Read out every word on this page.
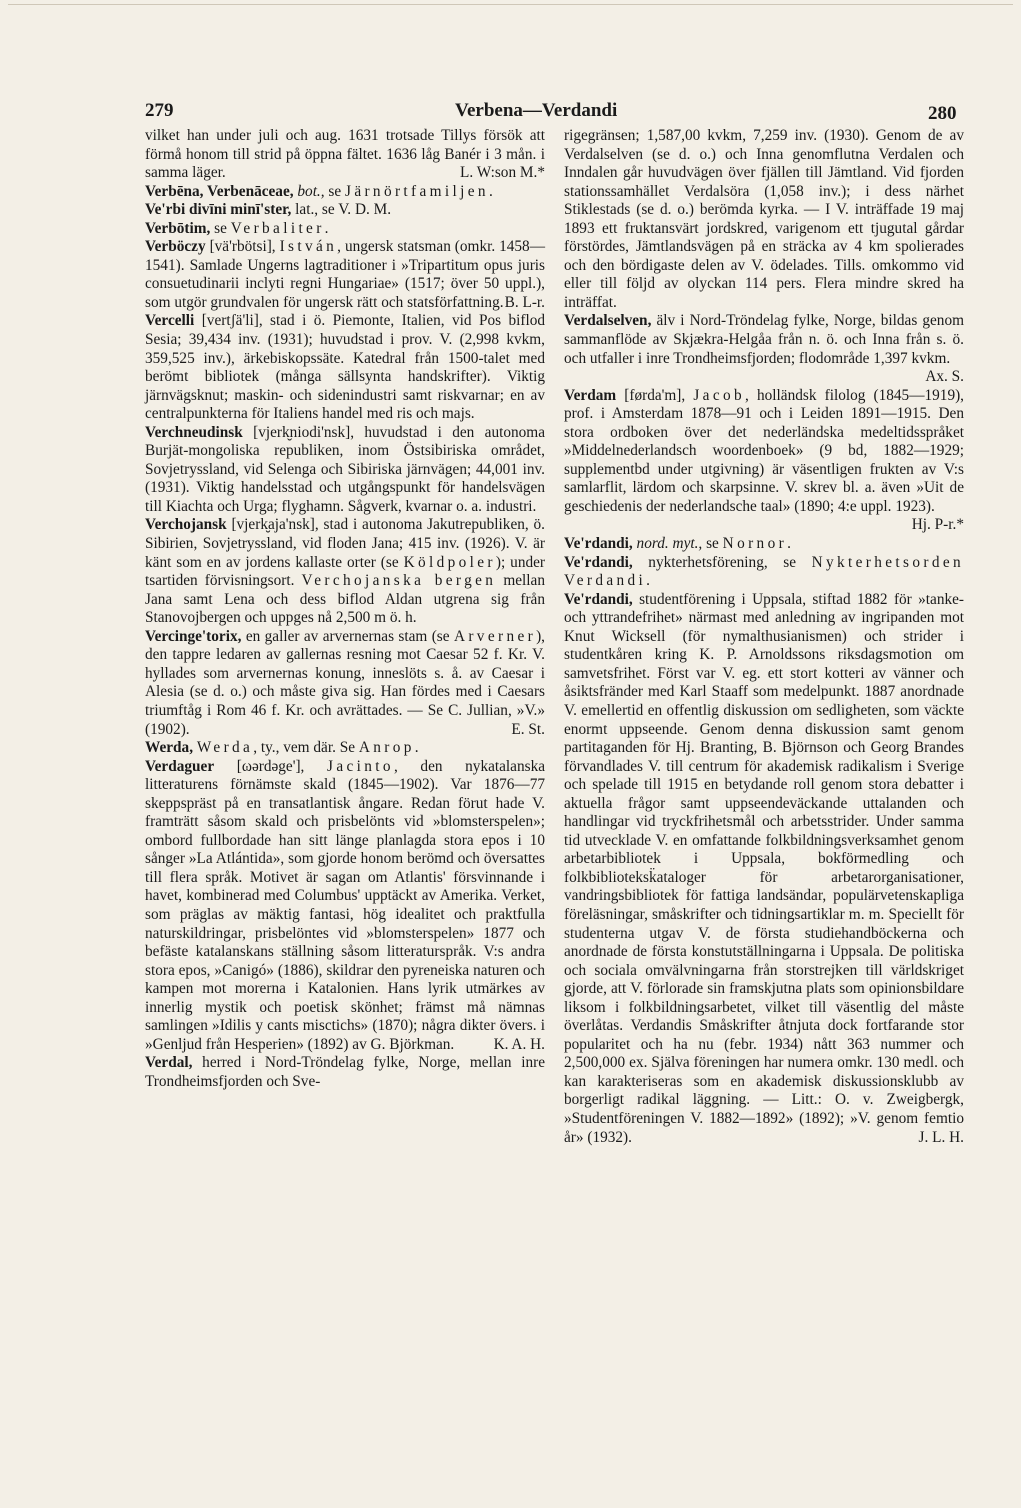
279	Verbena—Verdandi	280

vilket han under juli och aug. 1631 trotsade Tillys försök att förmå honom till strid på öppna fältet. 1636 låg Banér i 3 mån. i samma läger.	L. W:son M.*

Verbēna, Verbenāceae, bot., se Järnörtfamiljen.

Ve'rbi divīni minī'ster, lat., se V. D. M.

Verbōtim, se Verbaliter.

Verböczy [vä'rbötsi], István, ungersk statsman (omkr. 1458—1541). Samlade Ungerns lagtraditioner i »Tripartitum opus juris consuetudinarii inclyti regni Hungariae» (1517; över 50 uppl.), som utgör grundvalen för ungersk rätt och statsförfattning. B. L-r.

Vercelli [vertʃä'li], stad i ö. Piemonte, Italien, vid Pos biflod Sesia; 39,434 inv. (1931); huvudstad i prov. V. (2,998 kvkm, 359,525 inv.), ärkebiskopssäte. Katedral från 1500-talet med berömt bibliotek (många sällsynta handskrifter). Viktig järnvägsknut; maskin- och sidenindustri samt riskvarnar; en av centralpunkterna för Italiens handel med ris och majs.

Verchneudinsk [vjerk̮niodi'nsk], huvudstad i den autonoma Burjät-mongoliska republiken, inom Östsibiriska området, Sovjetryssland, vid Selenga och Sibiriska järnvägen; 44,001 inv. (1931). Viktig handelsstad och utgångspunkt för handelsvägen till Kiachta och Urga; flyghamn. Sågverk, kvarnar o. a. industri.

Verchojansk [vjerk̮aja'nsk], stad i autonoma Jakutrepubliken, ö. Sibirien, Sovjetryssland, vid floden Jana; 415 inv. (1926). V. är känt som en av jordens kallaste orter (se Köldpoler); under tsartiden förvisningsort. Verchojanska bergen mellan Jana samt Lena och dess biflod Aldan utgrena sig från Stanovojbergen och uppges nå 2,500 m ö. h.

Vercinge'torix, en galler av arvernernas stam (se Arverner), den tappre ledaren av gallernas resning mot Caesar 52 f. Kr. V. hyllades som arvernernas konung, inneslöts s. å. av Caesar i Alesia (se d. o.) och måste giva sig. Han fördes med i Caesars triumftåg i Rom 46 f. Kr. och avrättades. — Se C. Jullian, »V.» (1902).	E. St.

Werda, Werda, ty., vem där. Se Anrop.

Verdaguer [ωərdəge'], Jacinto, den nykatalanska litteraturens förnämste skald (1845—1902). Var 1876—77 skeppspräst på en transatlantisk ångare. Redan förut hade V. framträtt såsom skald och prisbelönts vid »blomsterspelen»; ombord fullbordade han sitt länge planlagda stora epos i 10 sånger »La Atlántida», som gjorde honom berömd och översattes till flera språk. Motivet är sagan om Atlantis' försvinnande i havet, kombinerad med Columbus' upptäckt av Amerika. Verket, som präglas av mäktig fantasi, hög idealitet och praktfulla naturskildringar, prisbelöntes vid »blomsterspelen» 1877 och befäste katalanskans ställning såsom litteraturspråk. V:s andra stora epos, »Canigó» (1886), skildrar den pyreneiska naturen och kampen mot morerna i Katalonien. Hans lyrik utmärkes av innerlig mystik och poetisk skönhet; främst må nämnas samlingen »Idilis y cants misctichs» (1870); några dikter övers. i »Genljud från Hesperien» (1892) av G. Björkman.	K. A. H.

Verdal, herred i Nord-Tröndelag fylke, Norge, mellan inre Trondheimsfjorden och Sve-

rigegränsen; 1,587,00 kvkm, 7,259 inv. (1930). Genom de av Verdalselven (se d. o.) och Inna genomflutna Verdalen och Inndalen går huvudvägen över fjällen till Jämtland. Vid fjorden stationssamhället Verdalsöra (1,058 inv.); i dess närhet Stiklestads (se d. o.) berömda kyrka. — I V. inträffade 19 maj 1893 ett fruktansvärt jordskred, varigenom ett tjugutal gårdar förstördes, Jämtlandsvägen på en sträcka av 4 km spolierades och den bördigaste delen av V. ödelades. Tills. omkommo vid eller till följd av olyckan 114 pers. Flera mindre skred ha inträffat.

Verdalselven, älv i Nord-Tröndelag fylke, Norge, bildas genom sammanflöde av Skjækra-Helgåa från n. ö. och Inna från s. ö. och utfaller i inre Trondheimsfjorden; flodområde 1,397 kvkm.
Ax. S.

Verdam [førda'm], Jacob, holländsk filolog (1845—1919), prof. i Amsterdam 1878—91 och i Leiden 1891—1915. Den stora ordboken över det nederländska medeltidsspråket »Middelnederlandsch woordenboek» (9 bd, 1882—1929; supplementbd under utgivning) är väsentligen frukten av V:s samlarflit, lärdom och skarpsinne. V. skrev bl. a. även »Uit de geschiedenis der nederlandsche taal» (1890; 4:e uppl. 1923).
Hj. P-r.*

Ve'rdandi, nord. myt., se Nornor.

Ve'rdandi, nykterhetsförening, se Nykterhetsorden Verdandi.

Ve'rdandi, studentförening i Uppsala, stiftad 1882 för »tanke- och yttrandefrihet» närmast med anledning av ingripanden mot Knut Wicksell (för nymalthusianismen) och strider i studentkåren kring K. P. Arnoldssons riksdagsmotion om samvetsfrihet. Först var V. eg. ett stort kotteri av vänner och åsiktsfränder med Karl Staaff som medelpunkt. 1887 anordnade V. emellertid en offentlig diskussion om sedligheten, som väckte enormt uppseende. Genom denna diskussion samt genom partitaganden för Hj. Branting, B. Björnson och Georg Brandes förvandlades V. till centrum för akademisk radikalism i Sverige och spelade till 1915 en betydande roll genom stora debatter i aktuella frågor samt uppseendeväckande uttalanden och handlingar vid tryckfrihetsmål och arbetsstrider. Under samma tid utvecklade V. en omfattande folkbildningsverksamhet genom arbetarbibliotek i Uppsala, bokförmedling och folkbiblioteksk̈ataloger för arbetarorganisationer, vandringsbibliotek för fattiga landsändar, populärvetenskapliga föreläsningar, småskrifter och tidningsartiklar m. m. Speciellt för studenterna utgav V. de första studiehandböckerna och anordnade de första konstutställningarna i Uppsala. De politiska och sociala omvälvningarna från storstrejken till världskriget gjorde, att V. förlorade sin framskjutna plats som opinionsbildare liksom i folkbildningsarbetet, vilket till väsentlig del måste överlåtas. Verdandis Småskrifter åtnjuta dock fortfarande stor popularitet och ha nu (febr. 1934) nått 363 nummer och 2,500,000 ex. Själva föreningen har numera omkr. 130 medl. och kan karakteriseras som en akademisk diskussionsklubb av borgerligt radikal läggning. — Litt.: O. v. Zweigbergk, »Studentföreningen V. 1882—1892» (1892); »V. genom femtio år» (1932).	J. L. H.
